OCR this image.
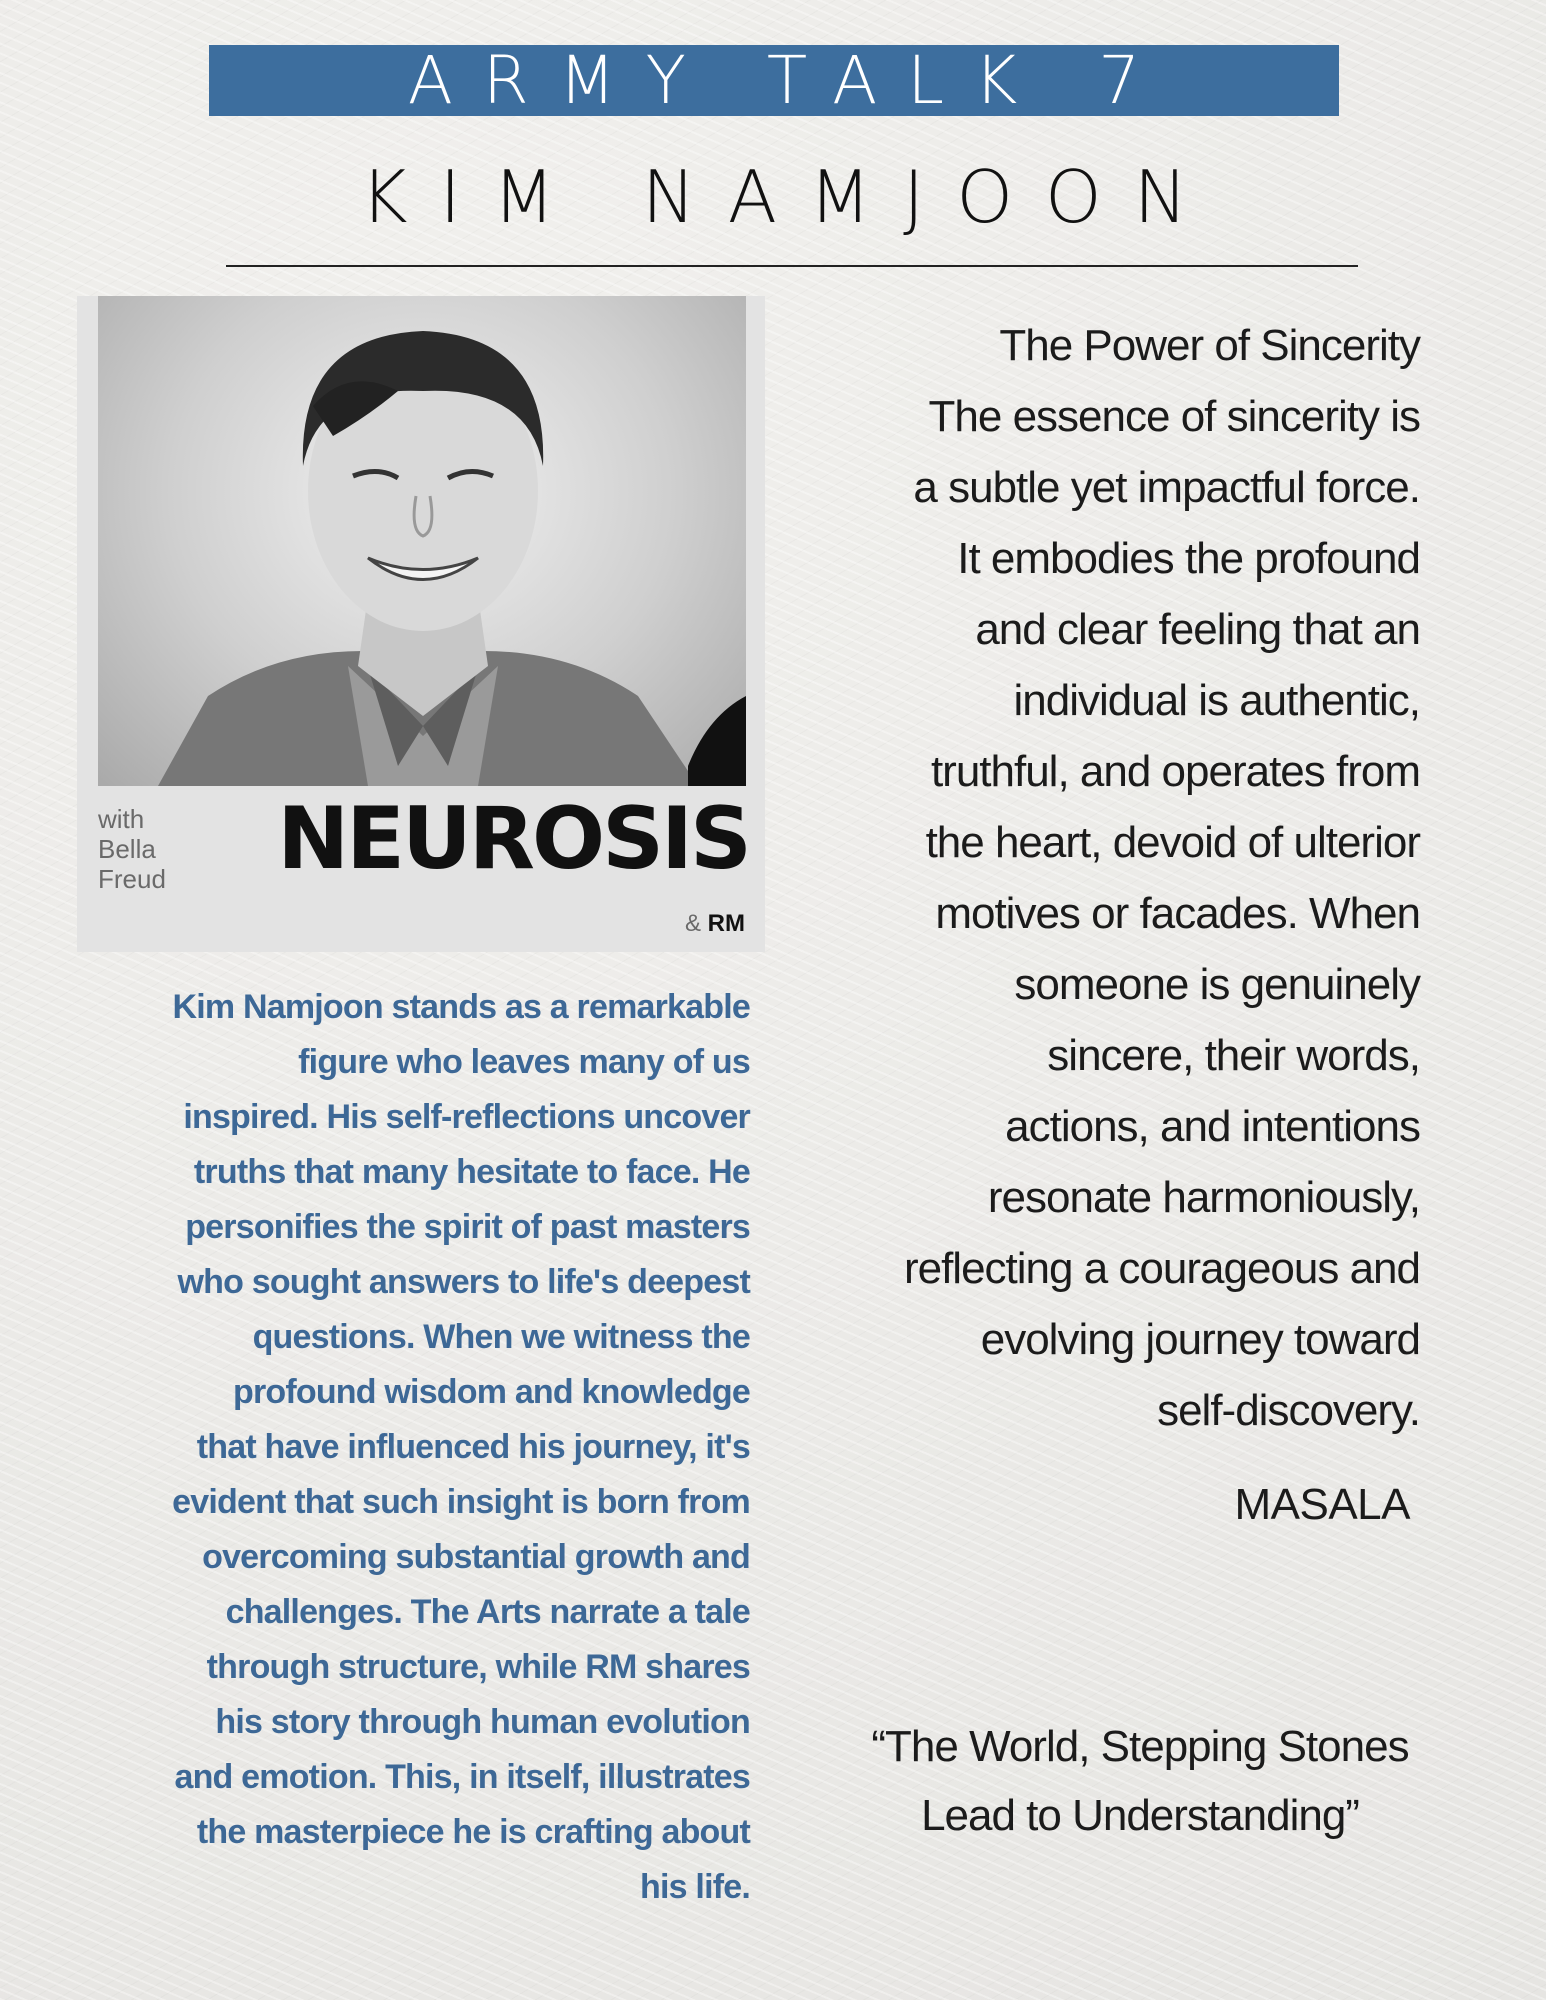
ARMY TALK 7
KIM NAMJOON
with
Bella
Freud	NEUROSIS
& RM
Kim Namjoon stands as a remarkable
figure who leaves many of us
inspired. His self-reflections uncover
truths that many hesitate to face. He
personifies the spirit of past masters
who sought answers to life's deepest
questions. When we witness the
profound wisdom and knowledge
that have influenced his journey, it's
evident that such insight is born from
overcoming substantial growth and
challenges. The Arts narrate a tale
through structure, while RM shares
his story through human evolution
and emotion. This, in itself, illustrates
the masterpiece he is crafting about
his life.
The Power of Sincerity
The essence of sincerity is
a subtle yet impactful force.
It embodies the profound
and clear feeling that an
individual is authentic,
truthful, and operates from
the heart, devoid of ulterior
motives or facades. When
someone is genuinely
sincere, their words,
actions, and intentions
resonate harmoniously,
reflecting a courageous and
evolving journey toward
self-discovery.
MASALA
“The World, Stepping Stones
Lead to Understanding”
